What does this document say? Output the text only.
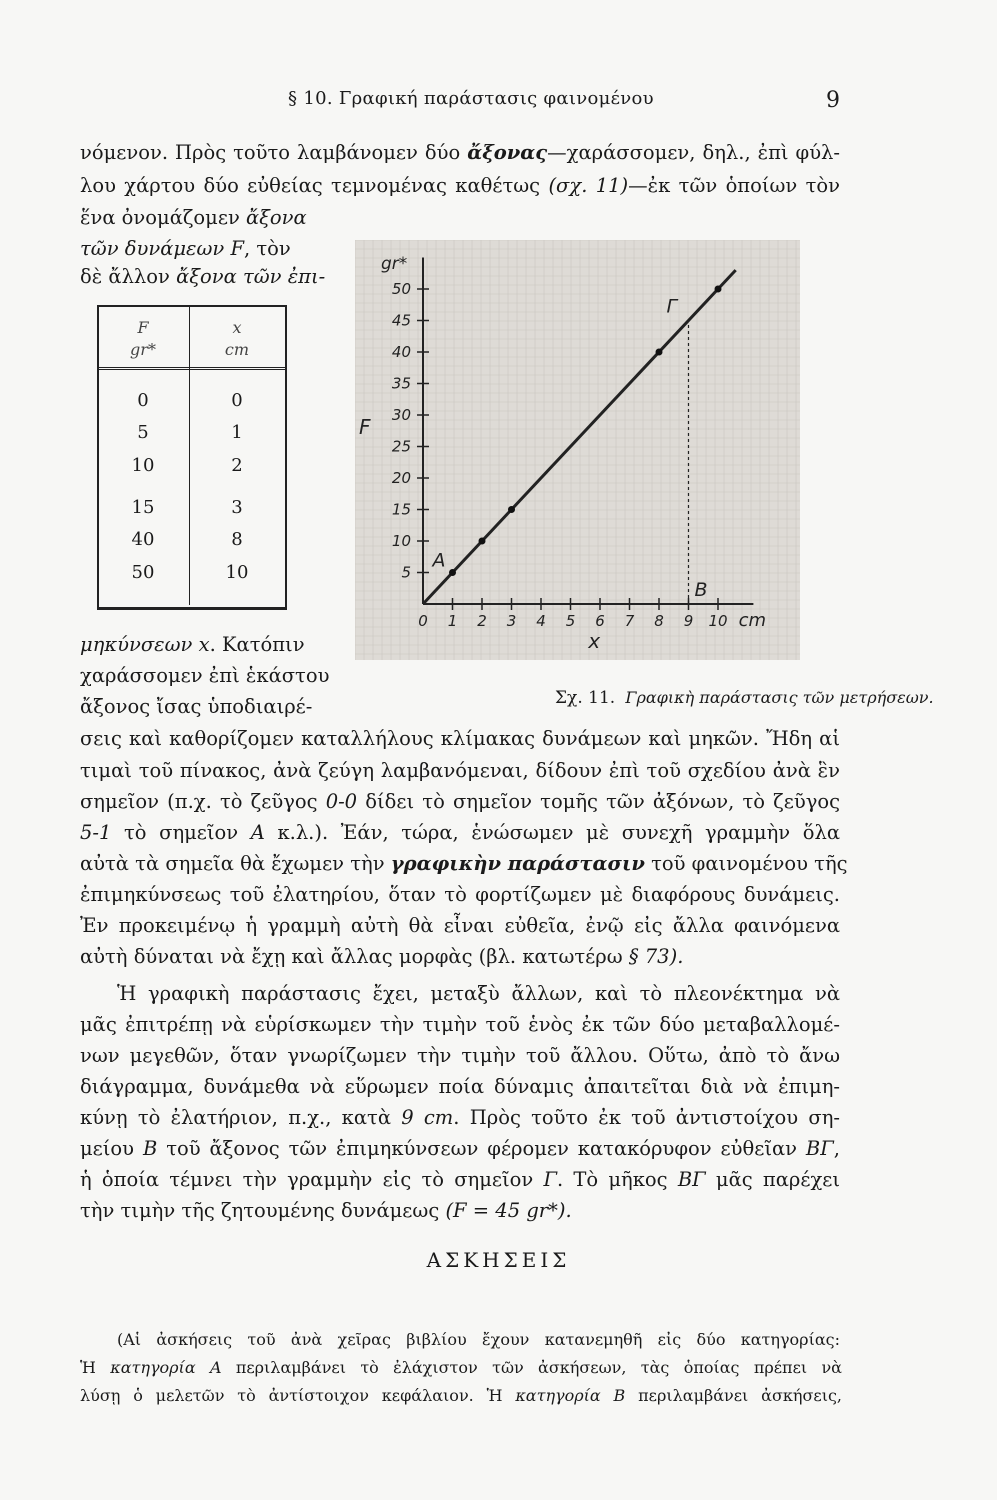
§ 10. Γραφική παράστασις φαινομένου	9
νόμενον. Πρὸς τοῦτο λαμβάνομεν δύο ἄξονας—χαράσσομεν, δηλ., ἐπὶ φύλ-
λου χάρτου δύο εὐθείας τεμνομένας καθέτως (σχ. 11)—ἐκ τῶν ὁποίων τὸν
ἕνα ὀνομάζομεν ἄξονα
τῶν δυνάμεων F, τὸν
δὲ ἄλλον ἄξονα τῶν ἐπι-
F
gr*
x
cm
0	0
5	1
10	2
15	3
40	8
50	10
0 1 2 3 4 5 6 7 8 9 10
5
10
15
20
25
30
35
40
45
50
cm
gr*
x
F
A
B
Γ
μηκύνσεων x. Κατόπιν
χαράσσομεν ἐπὶ ἑκάστου
ἄξονος ἴσας ὑποδιαιρέ-	Σχ. 11. Γραφικὴ παράστασις τῶν μετρήσεων.
σεις καὶ καθορίζομεν καταλλήλους κλίμακας δυνάμεων καὶ μηκῶν. Ἤδη αἱ
τιμαὶ τοῦ πίνακος, ἀνὰ ζεύγη λαμβανόμεναι, δίδουν ἐπὶ τοῦ σχεδίου ἀνὰ ἓν
σημεῖον (π.χ. τὸ ζεῦγος 0-0 δίδει τὸ σημεῖον τομῆς τῶν ἀξόνων, τὸ ζεῦγος
5-1 τὸ σημεῖον A κ.λ.). Ἐάν, τώρα, ἑνώσωμεν μὲ συνεχῆ γραμμὴν ὅλα
αὐτὰ τὰ σημεῖα θὰ ἔχωμεν τὴν γραφικὴν παράστασιν τοῦ φαινομένου τῆς
ἐπιμηκύνσεως τοῦ ἐλατηρίου, ὅταν τὸ φορτίζωμεν μὲ διαφόρους δυνάμεις.
Ἐν προκειμένῳ ἡ γραμμὴ αὐτὴ θὰ εἶναι εὐθεῖα, ἐνῷ εἰς ἄλλα φαινόμενα
αὐτὴ δύναται νὰ ἔχῃ καὶ ἄλλας μορφὰς (βλ. κατωτέρω § 73).
Ἡ γραφικὴ παράστασις ἔχει, μεταξὺ ἄλλων, καὶ τὸ πλεονέκτημα νὰ
μᾶς ἐπιτρέπῃ νὰ εὑρίσκωμεν τὴν τιμὴν τοῦ ἑνὸς ἐκ τῶν δύο μεταβαλλομέ-
νων μεγεθῶν, ὅταν γνωρίζωμεν τὴν τιμὴν τοῦ ἄλλου. Οὕτω, ἀπὸ τὸ ἄνω
διάγραμμα, δυνάμεθα νὰ εὕρωμεν ποία δύναμις ἀπαιτεῖται διὰ νὰ ἐπιμη-
κύνῃ τὸ ἐλατήριον, π.χ., κατὰ 9 cm. Πρὸς τοῦτο ἐκ τοῦ ἀντιστοίχου ση-
μείου B τοῦ ἄξονος τῶν ἐπιμηκύνσεων φέρομεν κατακόρυφον εὐθεῖαν ΒΓ,
ἡ ὁποία τέμνει τὴν γραμμὴν εἰς τὸ σημεῖον Γ. Τὸ μῆκος ΒΓ μᾶς παρέχει
τὴν τιμὴν τῆς ζητουμένης δυνάμεως (F = 45 gr*).
ΑΣΚΗΣΕΙΣ
(Αἱ ἀσκήσεις τοῦ ἀνὰ χεῖρας βιβλίου ἔχουν κατανεμηθῆ εἰς δύο κατηγορίας:
Ἡ κατηγορία Α περιλαμβάνει τὸ ἐλάχιστον τῶν ἀσκήσεων, τὰς ὁποίας πρέπει νὰ
λύσῃ ὁ μελετῶν τὸ ἀντίστοιχον κεφάλαιον. Ἡ κατηγορία Β περιλαμβάνει ἀσκήσεις,
